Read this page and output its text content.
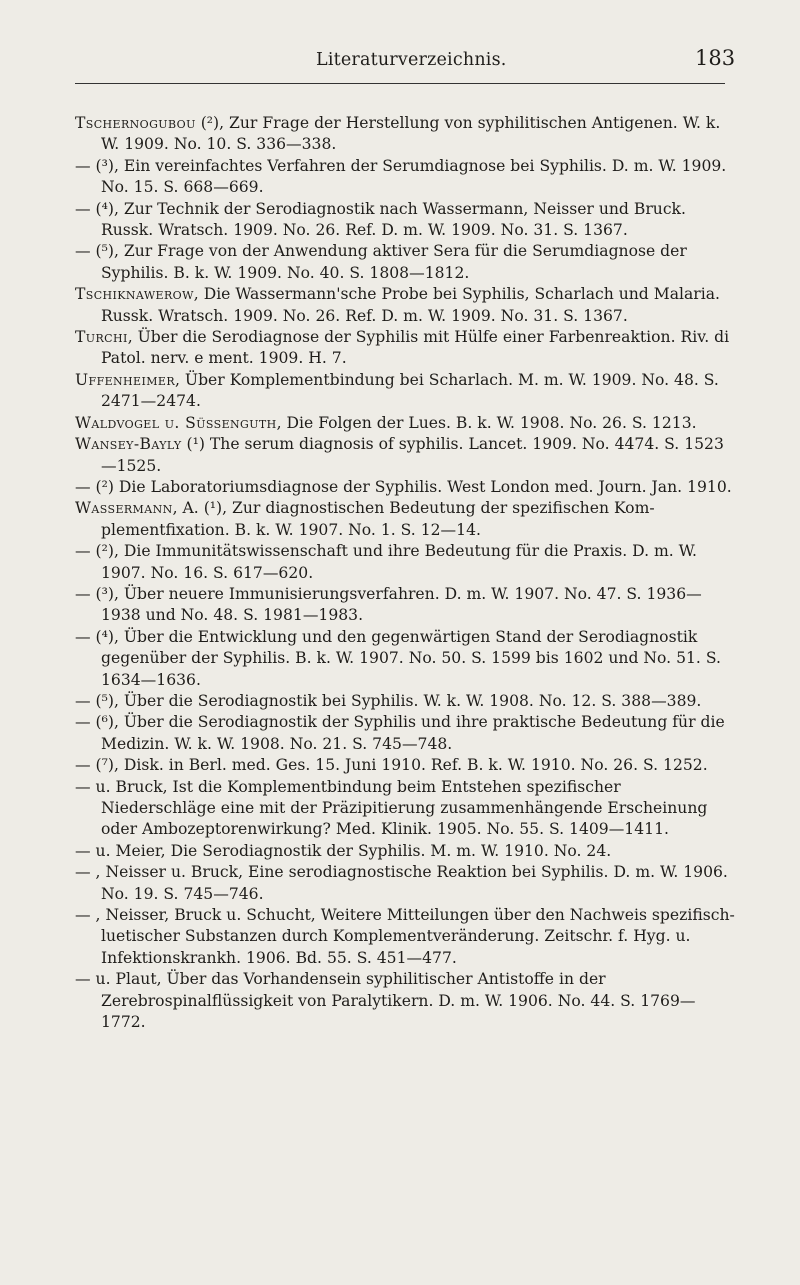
Literaturverzeichnis.	183
Tschernogubou (²), Zur Frage der Herstellung von syphilitischen Antigenen. W. k. W. 1909. No. 10. S. 336—338.
— (³), Ein vereinfachtes Verfahren der Serumdiagnose bei Syphilis. D. m. W. 1909. No. 15. S. 668—669.
— (⁴), Zur Technik der Serodiagnostik nach Wassermann, Neisser und Bruck. Russk. Wratsch. 1909. No. 26. Ref. D. m. W. 1909. No. 31. S. 1367.
— (⁵), Zur Frage von der Anwendung aktiver Sera für die Serumdiagnose der Syphilis. B. k. W. 1909. No. 40. S. 1808—1812.
Tschiknawerow, Die Wassermann'sche Probe bei Syphilis, Scharlach und Malaria. Russk. Wratsch. 1909. No. 26. Ref. D. m. W. 1909. No. 31. S. 1367.
Turchi, Über die Serodiagnose der Syphilis mit Hülfe einer Farbenreaktion. Riv. di Patol. nerv. e ment. 1909. H. 7.
Uffenheimer, Über Komplementbindung bei Scharlach. M. m. W. 1909. No. 48. S. 2471—2474.
Waldvogel u. Süssenguth, Die Folgen der Lues. B. k. W. 1908. No. 26. S. 1213.
Wansey-Bayly (¹) The serum diagnosis of syphilis. Lancet. 1909. No. 4474. S. 1523—1525.
— (²) Die Laboratoriumsdiagnose der Syphilis. West London med. Journ. Jan. 1910.
Wassermann, A. (¹), Zur diagnostischen Bedeutung der spezifischen Komplementfixation. B. k. W. 1907. No. 1. S. 12—14.
— (²), Die Immunitätswissenschaft und ihre Bedeutung für die Praxis. D. m. W. 1907. No. 16. S. 617—620.
— (³), Über neuere Immunisierungsverfahren. D. m. W. 1907. No. 47. S. 1936—1938 und No. 48. S. 1981—1983.
— (⁴), Über die Entwicklung und den gegenwärtigen Stand der Serodiagnostik gegenüber der Syphilis. B. k. W. 1907. No. 50. S. 1599 bis 1602 und No. 51. S. 1634—1636.
— (⁵), Über die Serodiagnostik bei Syphilis. W. k. W. 1908. No. 12. S. 388—389.
— (⁶), Über die Serodiagnostik der Syphilis und ihre praktische Bedeutung für die Medizin. W. k. W. 1908. No. 21. S. 745—748.
— (⁷), Disk. in Berl. med. Ges. 15. Juni 1910. Ref. B. k. W. 1910. No. 26. S. 1252.
— u. Bruck, Ist die Komplementbindung beim Entstehen spezifischer Niederschläge eine mit der Präzipitierung zusammenhängende Erscheinung oder Ambozeptorenwirkung? Med. Klinik. 1905. No. 55. S. 1409—1411.
— u. Meier, Die Serodiagnostik der Syphilis. M. m. W. 1910. No. 24.
— , Neisser u. Bruck, Eine serodiagnostische Reaktion bei Syphilis. D. m. W. 1906. No. 19. S. 745—746.
— , Neisser, Bruck u. Schucht, Weitere Mitteilungen über den Nachweis spezifisch-luetischer Substanzen durch Komplementveränderung. Zeitschr. f. Hyg. u. Infektionskrankh. 1906. Bd. 55. S. 451—477.
— u. Plaut, Über das Vorhandensein syphilitischer Antistoffe in der Zerebrospinalflüssigkeit von Paralytikern. D. m. W. 1906. No. 44. S. 1769—1772.
